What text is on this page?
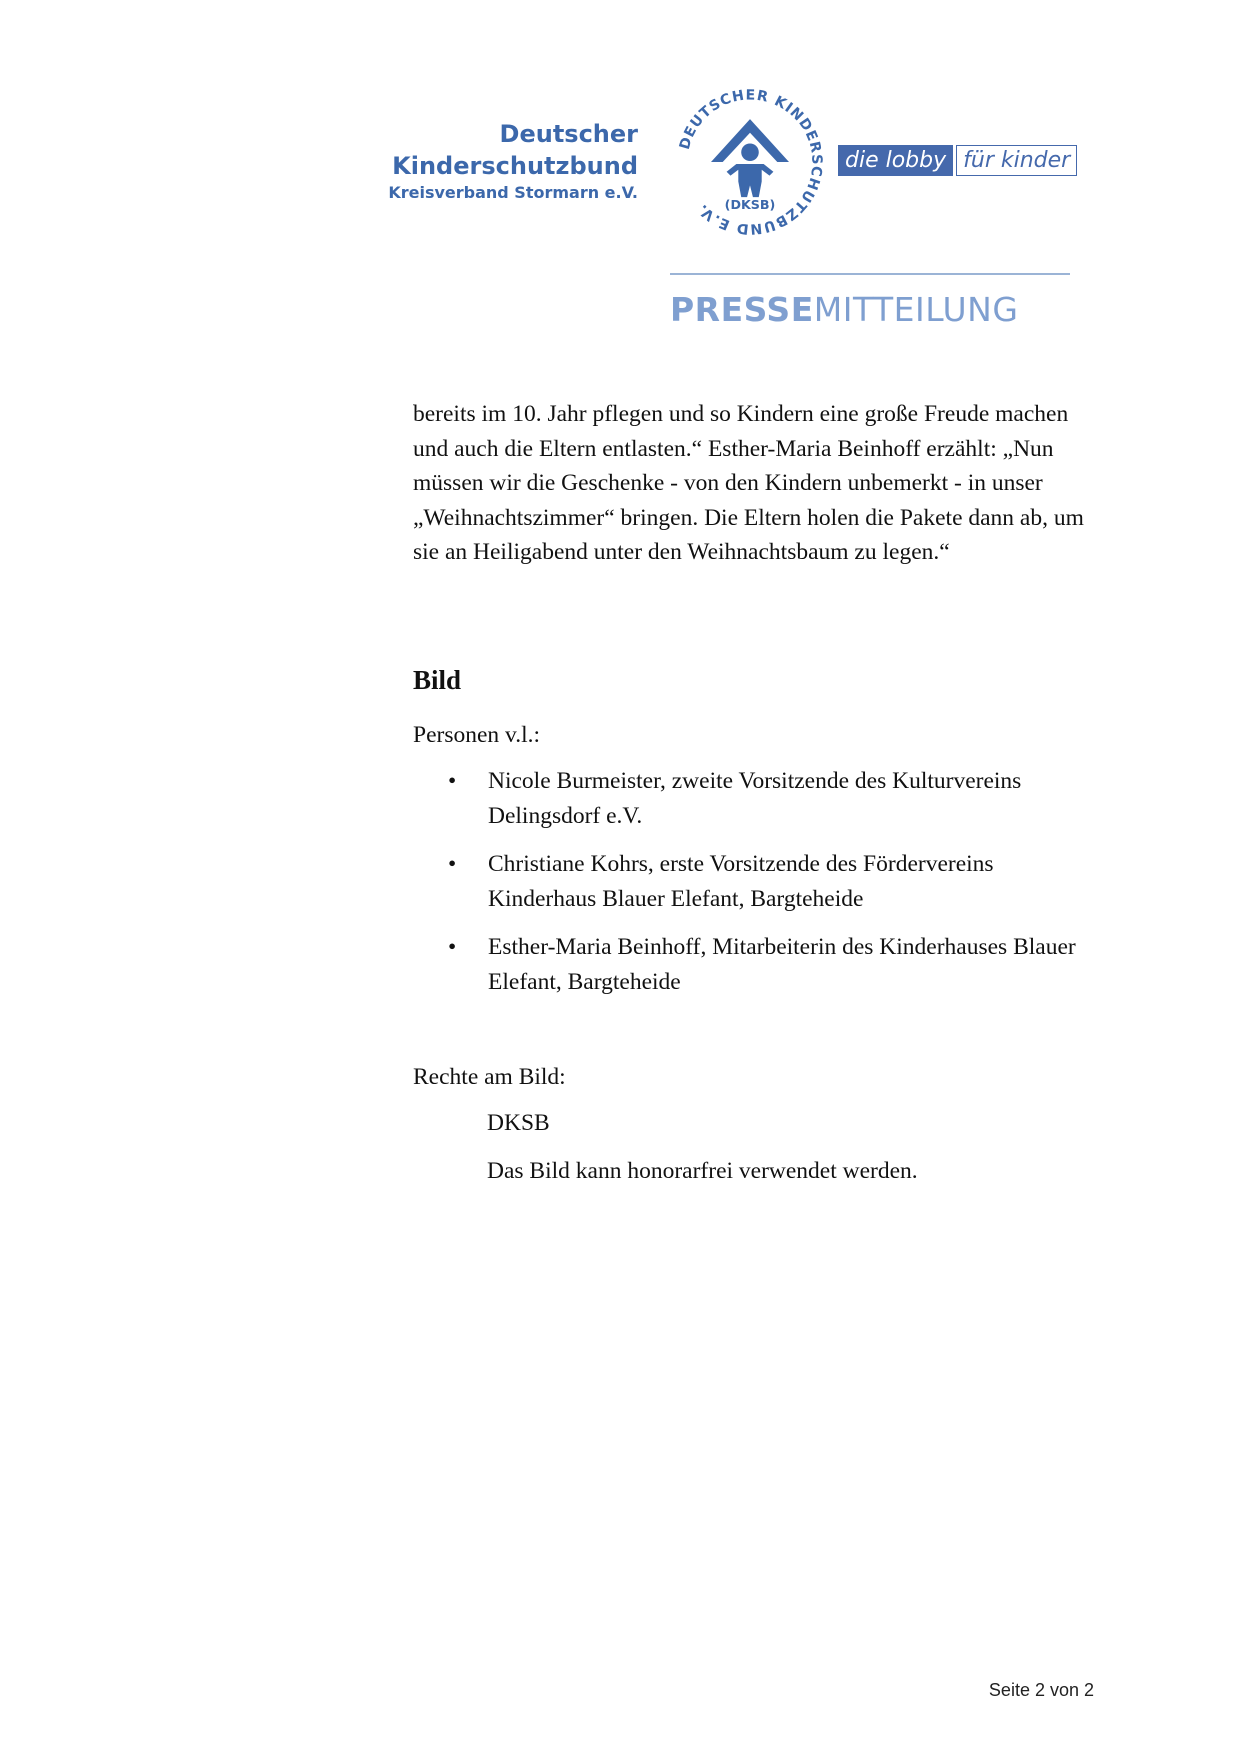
Deutscher
Kinderschutzbund
Kreisverband Stormarn e.V.
DEUTSCHER KINDERSCHUTZBUND E.V.	(DKSB)
die lobby für kinder
PRESSEMITTEILUNG

bereits im 10. Jahr pflegen und so Kindern eine große Freude machen und auch die Eltern entlasten.“ Esther-Maria Beinhoff erzählt: „Nun müssen wir die Geschenke - von den Kindern unbemerkt - in unser „Weihnachtszimmer“ bringen. Die Eltern holen die Pakete dann ab, um sie an Heiligabend unter den Weihnachtsbaum zu legen.“

Bild
Personen v.l.:
• Nicole Burmeister, zweite Vorsitzende des Kulturvereins Delingsdorf e.V.
• Christiane Kohrs, erste Vorsitzende des Fördervereins Kinderhaus Blauer Elefant, Bargteheide
• Esther-Maria Beinhoff, Mitarbeiterin des Kinderhauses Blauer Elefant, Bargteheide
Rechte am Bild:
DKSB
Das Bild kann honorarfrei verwendet werden.
Seite 2 von 2
